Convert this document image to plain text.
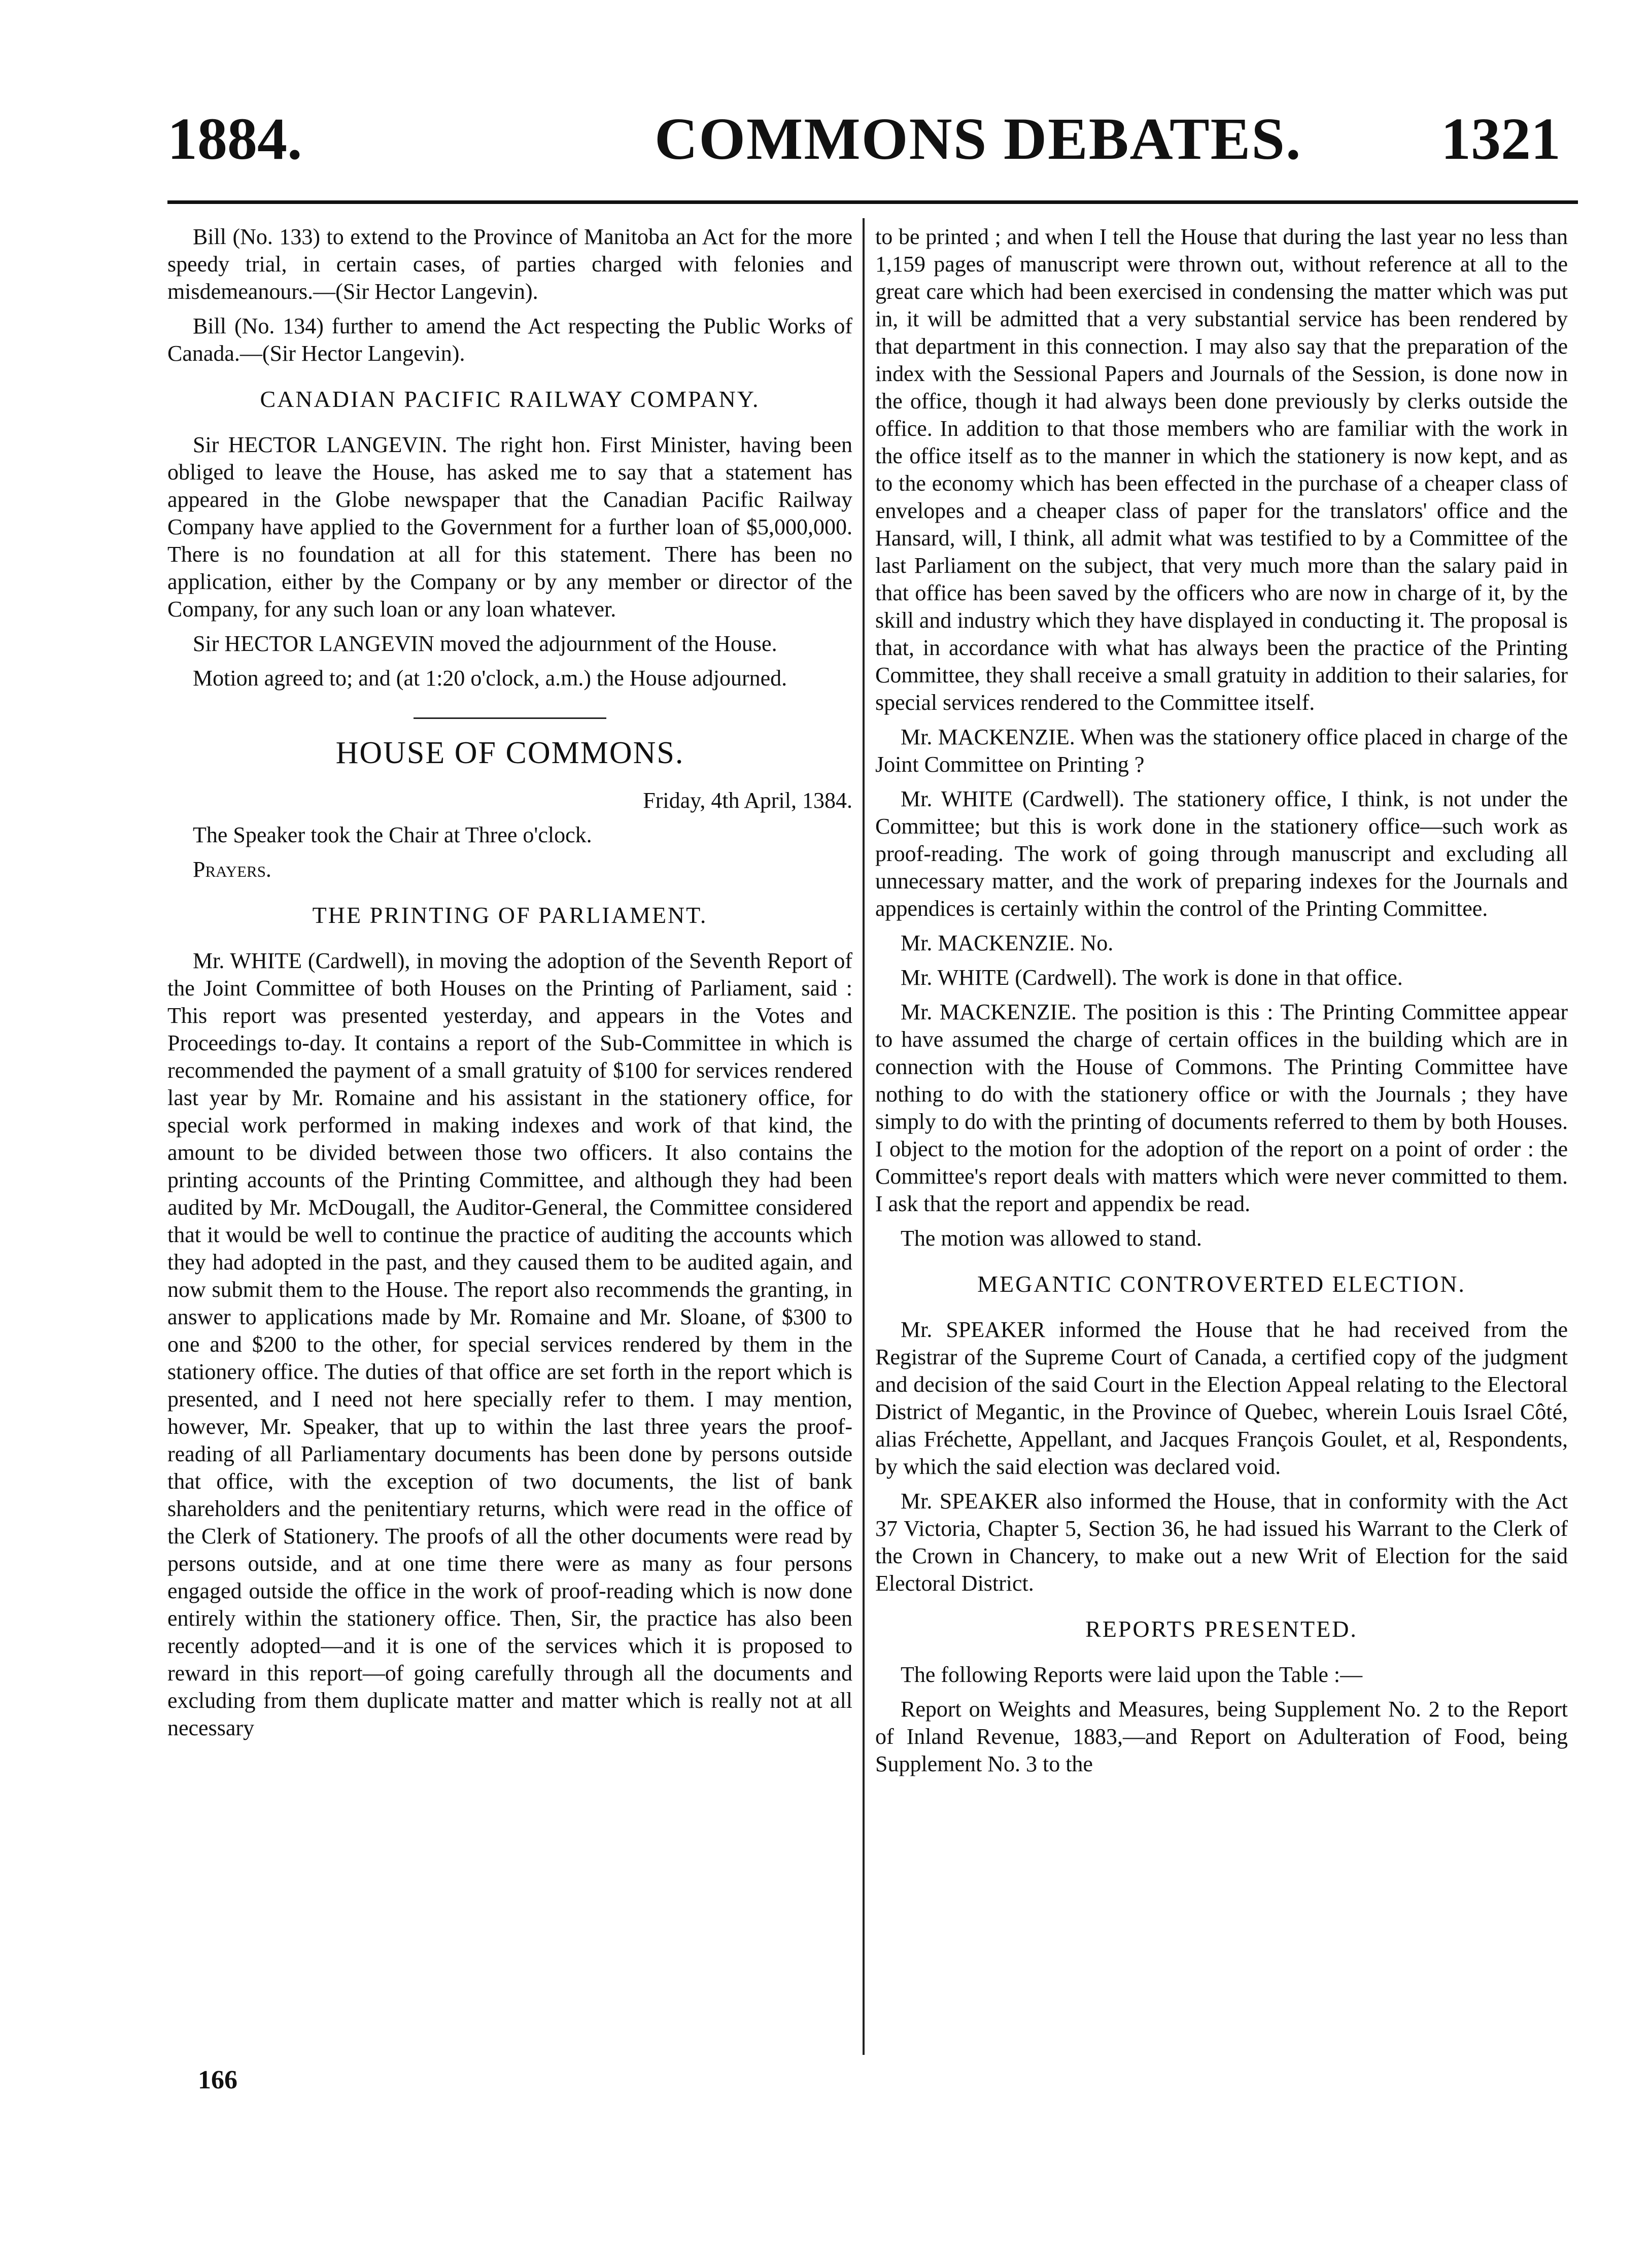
1884.	COMMONS DEBATES. 1321

Bill (No. 133) to extend to the Province of Manitoba an Act for the more speedy trial, in certain cases, of parties charged with felonies and misdemeanours.—(Sir Hector Langevin).

Bill (No. 134) further to amend the Act respecting the Public Works of Canada.—(Sir Hector Langevin).

CANADIAN PACIFIC RAILWAY COMPANY.

Sir HECTOR LANGEVIN. The right hon. First Minister, having been obliged to leave the House, has asked me to say that a statement has appeared in the Globe newspaper that the Canadian Pacific Railway Company have applied to the Government for a further loan of $5,000,000. There is no foundation at all for this statement. There has been no application, either by the Company or by any member or director of the Company, for any such loan or any loan whatever.

Sir HECTOR LANGEVIN moved the adjournment of the House.

Motion agreed to; and (at 1:20 o'clock, a.m.) the House adjourned.

HOUSE OF COMMONS.

Friday, 4th April, 1384.

The Speaker took the Chair at Three o'clock.

Prayers.

THE PRINTING OF PARLIAMENT.

Mr. WHITE (Cardwell), in moving the adoption of the Seventh Report of the Joint Committee of both Houses on the Printing of Parliament, said : This report was presented yesterday, and appears in the Votes and Proceedings to-day. It contains a report of the Sub-Committee in which is recommended the payment of a small gratuity of $100 for services rendered last year by Mr. Romaine and his assistant in the stationery office, for special work performed in making indexes and work of that kind, the amount to be divided between those two officers. It also contains the printing accounts of the Printing Committee, and although they had been audited by Mr. McDougall, the Auditor-General, the Committee considered that it would be well to continue the practice of auditing the accounts which they had adopted in the past, and they caused them to be audited again, and now submit them to the House. The report also recommends the granting, in answer to applications made by Mr. Romaine and Mr. Sloane, of $300 to one and $200 to the other, for special services rendered by them in the stationery office. The duties of that office are set forth in the report which is presented, and I need not here specially refer to them. I may mention, however, Mr. Speaker, that up to within the last three years the proof-reading of all Parliamentary documents has been done by persons outside that office, with the exception of two documents, the list of bank shareholders and the penitentiary returns, which were read in the office of the Clerk of Stationery. The proofs of all the other documents were read by persons outside, and at one time there were as many as four persons engaged outside the office in the work of proof-reading which is now done entirely within the stationery office. Then, Sir, the practice has also been recently adopted—and it is one of the services which it is proposed to reward in this report—of going carefully through all the documents and excluding from them duplicate matter and matter which is really not at all necessary

to be printed ; and when I tell the House that during the last year no less than 1,159 pages of manuscript were thrown out, without reference at all to the great care which had been exercised in condensing the matter which was put in, it will be admitted that a very substantial service has been rendered by that department in this connection. I may also say that the preparation of the index with the Sessional Papers and Journals of the Session, is done now in the office, though it had always been done previously by clerks outside the office. In addition to that those members who are familiar with the work in the office itself as to the manner in which the stationery is now kept, and as to the economy which has been effected in the purchase of a cheaper class of envelopes and a cheaper class of paper for the translators' office and the Hansard, will, I think, all admit what was testified to by a Committee of the last Parliament on the subject, that very much more than the salary paid in that office has been saved by the officers who are now in charge of it, by the skill and industry which they have displayed in conducting it. The proposal is that, in accordance with what has always been the practice of the Printing Committee, they shall receive a small gratuity in addition to their salaries, for special services rendered to the Committee itself.

Mr. MACKENZIE. When was the stationery office placed in charge of the Joint Committee on Printing ?

Mr. WHITE (Cardwell). The stationery office, I think, is not under the Committee; but this is work done in the stationery office—such work as proof-reading. The work of going through manuscript and excluding all unnecessary matter, and the work of preparing indexes for the Journals and appendices is certainly within the control of the Printing Committee.

Mr. MACKENZIE. No.

Mr. WHITE (Cardwell). The work is done in that office.

Mr. MACKENZIE. The position is this : The Printing Committee appear to have assumed the charge of certain offices in the building which are in connection with the House of Commons. The Printing Committee have nothing to do with the stationery office or with the Journals ; they have simply to do with the printing of documents referred to them by both Houses. I object to the motion for the adoption of the report on a point of order : the Committee's report deals with matters which were never committed to them. I ask that the report and appendix be read.

The motion was allowed to stand.

MEGANTIC CONTROVERTED ELECTION.

Mr. SPEAKER informed the House that he had received from the Registrar of the Supreme Court of Canada, a certified copy of the judgment and decision of the said Court in the Election Appeal relating to the Electoral District of Megantic, in the Province of Quebec, wherein Louis Israel Côté, alias Fréchette, Appellant, and Jacques François Goulet, et al, Respondents, by which the said election was declared void.

Mr. SPEAKER also informed the House, that in conformity with the Act 37 Victoria, Chapter 5, Section 36, he had issued his Warrant to the Clerk of the Crown in Chancery, to make out a new Writ of Election for the said Electoral District.

REPORTS PRESENTED.

The following Reports were laid upon the Table :—

Report on Weights and Measures, being Supplement No. 2 to the Report of Inland Revenue, 1883,—and Report on Adulteration of Food, being Supplement No. 3 to the

166
